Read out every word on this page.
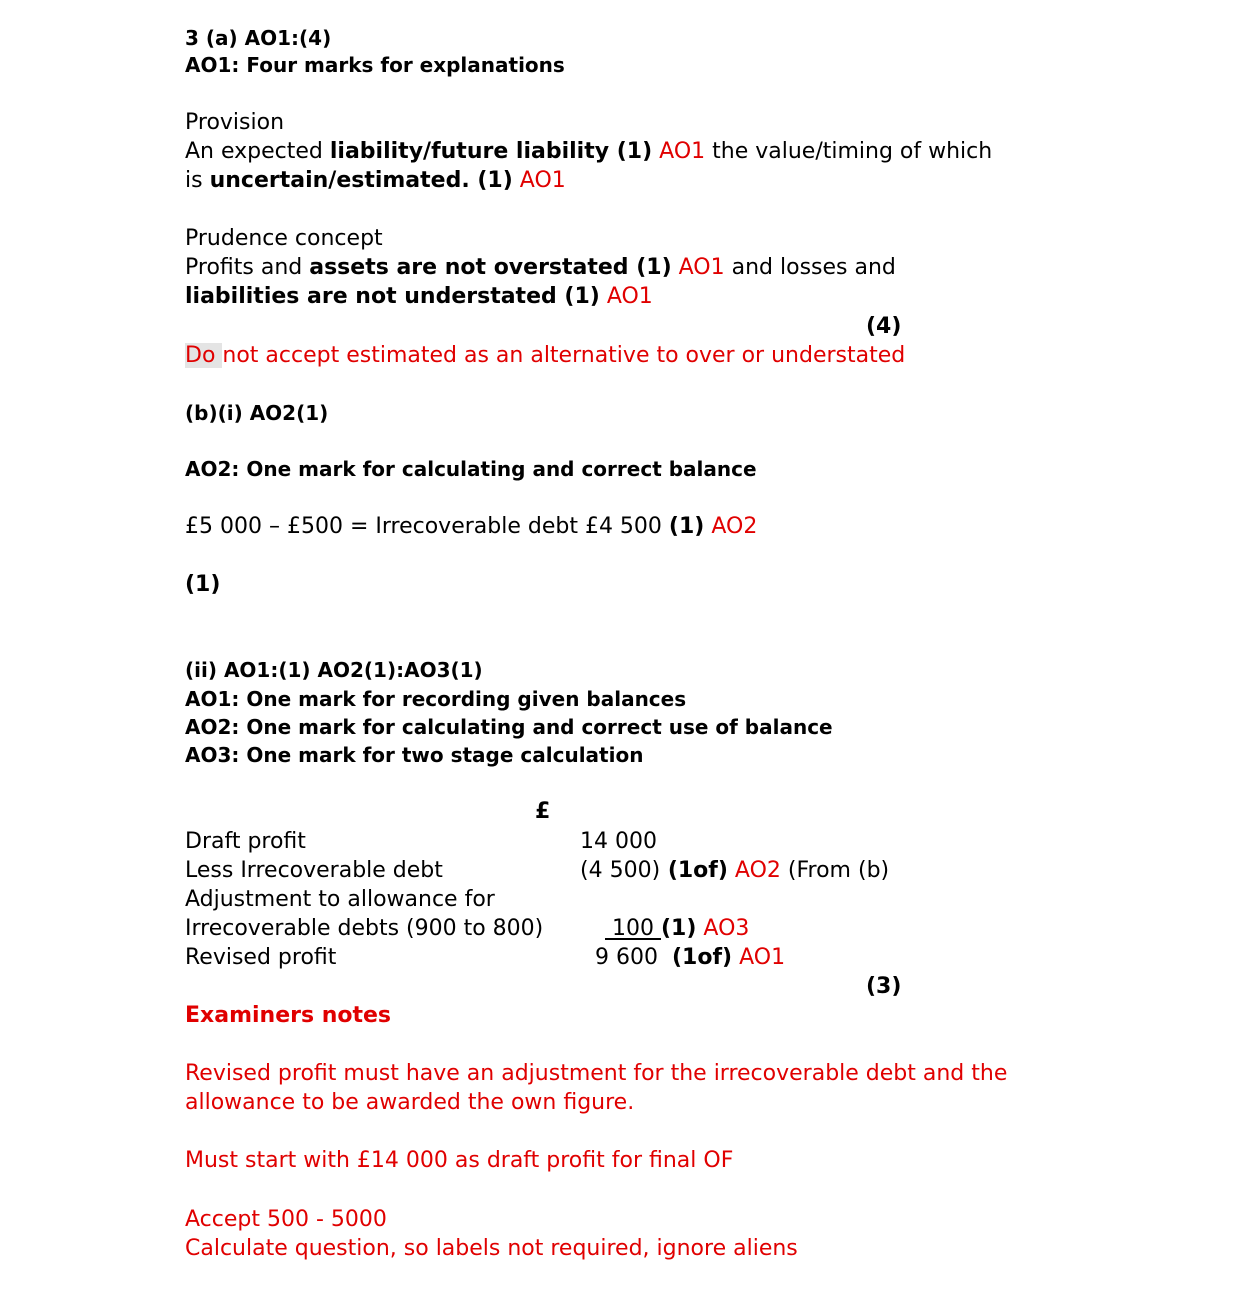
3 (a) AO1:(4)
AO1: Four marks for explanations
Provision
An expected liability/future liability (1) AO1 the value/timing of which
is uncertain/estimated. (1) AO1
Prudence concept
Profits and assets are not overstated (1) AO1 and losses and
liabilities are not understated (1) AO1
(4)
Do not accept estimated as an alternative to over or understated
(b)(i) AO2(1)
AO2: One mark for calculating and correct balance
£5 000 – £500 = Irrecoverable debt £4 500 (1) AO2
(1)
(ii) AO1:(1) AO2(1):AO3(1)
AO1: One mark for recording given balances
AO2: One mark for calculating and correct use of balance
AO3: One mark for two stage calculation
£
Draft profit	14 000
Less Irrecoverable debt	(4 500) (1of) AO2 (From (b)
Adjustment to allowance for
Irrecoverable debts (900 to 800)	100 (1) AO3
Revised profit	9 600 (1of) AO1
(3)
Examiners notes
Revised profit must have an adjustment for the irrecoverable debt and the
allowance to be awarded the own figure.
Must start with £14 000 as draft profit for final OF
Accept 500 - 5000
Calculate question, so labels not required, ignore aliens
